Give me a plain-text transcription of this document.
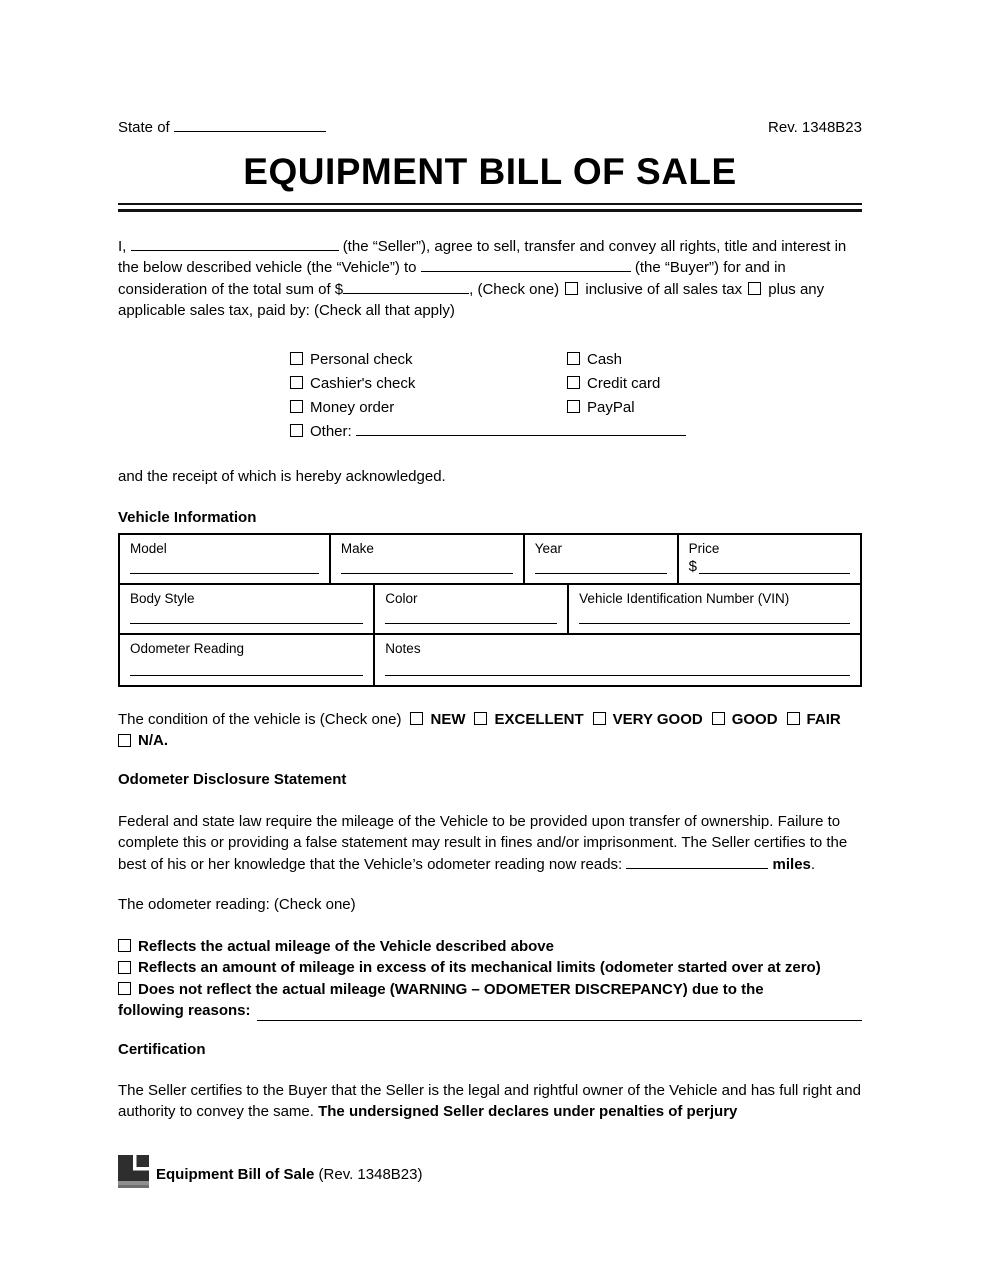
State of	Rev. 1348B23
EQUIPMENT BILL OF SALE
I,	(the “Seller”), agree to sell, transfer and convey all rights, title and interest in the below described vehicle (the “Vehicle”) to	(the “Buyer”) for and in consideration of the total sum of $	, (Check one) inclusive of all sales tax plus any applicable sales tax, paid by: (Check all that apply)
Personal check
Cashier's check
Money order
Other:
Cash
Credit card
PayPal
and the receipt of which is hereby acknowledged.
Vehicle Information
Model	Make	Year	Price
$
Body Style	Color	Vehicle Identification Number (VIN)
Odometer Reading	Notes
The condition of the vehicle is (Check one) NEW EXCELLENT VERY GOOD GOOD FAIR
N/A.
Odometer Disclosure Statement
Federal and state law require the mileage of the Vehicle to be provided upon transfer of ownership. Failure to complete this or providing a false statement may result in fines and/or imprisonment. The Seller certifies to the best of his or her knowledge that the Vehicle’s odometer reading now reads:	miles.
The odometer reading: (Check one)
Reflects the actual mileage of the Vehicle described above
Reflects an amount of mileage in excess of its mechanical limits (odometer started over at zero)
Does not reflect the actual mileage (WARNING – ODOMETER DISCREPANCY) due to the
following reasons:
Certification
The Seller certifies to the Buyer that the Seller is the legal and rightful owner of the Vehicle and has full right and authority to convey the same. The undersigned Seller declares under penalties of perjury
Equipment Bill of Sale (Rev. 1348B23)
